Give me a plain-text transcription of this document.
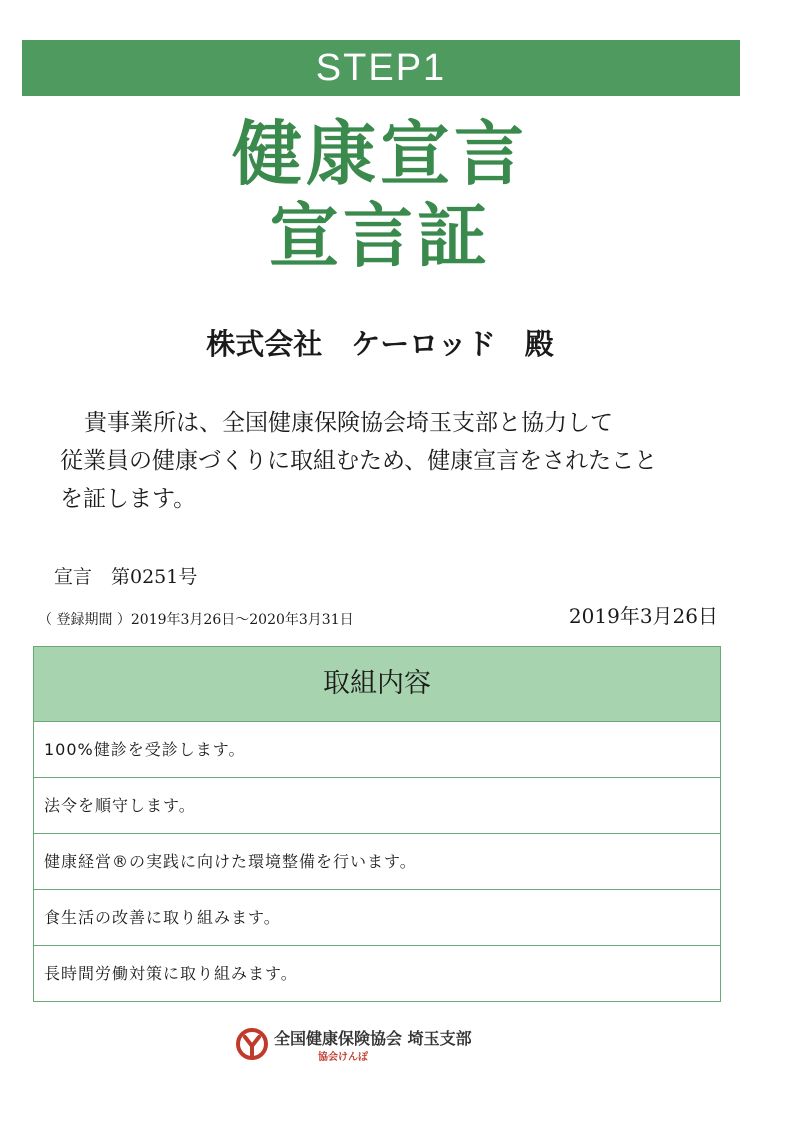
STEP1
健康宣言
宣言証
株式会社　ケーロッド　殿
貴事業所は、全国健康保険協会埼玉支部と協力して
従業員の健康づくりに取組むため、健康宣言をされたこと
を証します。
宣言　第0251号
（ 登録期間 ）2019年3月26日～2020年3月31日	2019年3月26日
取組内容
100%健診を受診します。
法令を順守します。
健康経営®の実践に向けた環境整備を行います。
食生活の改善に取り組みます。
長時間労働対策に取り組みます。
全国健康保険協会 埼玉支部
協会けんぽ
